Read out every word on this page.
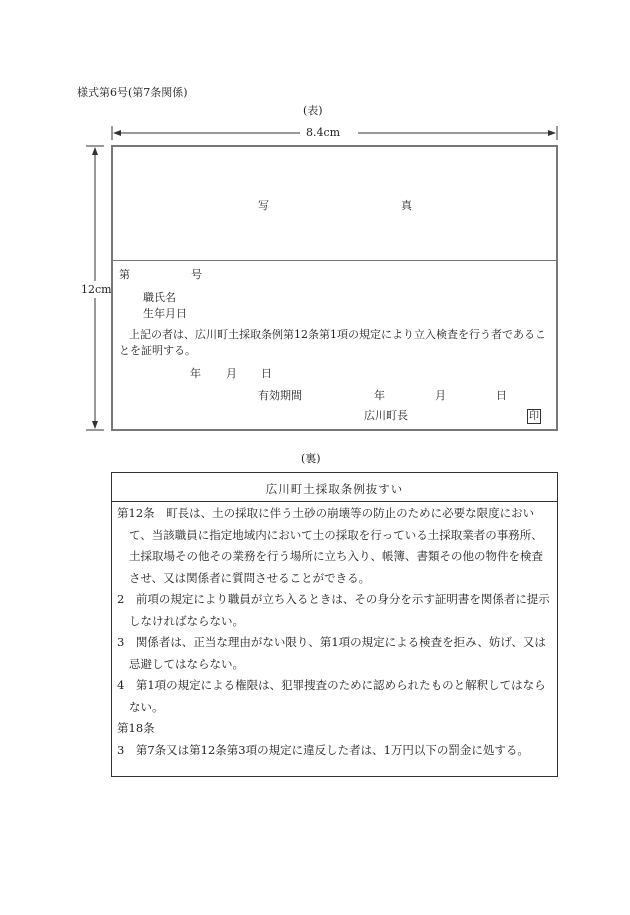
様式第6号(第7条関係)
(表)
8.4cm
12cm
写	真
第	号
職氏名
生年月日
上記の者は、広川町土採取条例第12条第1項の規定により立入検査を行う者であることを証明する。
年 月 日
有効期間	年	月	日
広川町長	印
(裏)
広川町土採取条例抜すい

第12条　町長は、土の採取に伴う土砂の崩壊等の防止のために必要な限度において、当該職員に指定地域内において土の採取を行っている土採取業者の事務所、土採取場その他その業務を行う場所に立ち入り、帳簿、書類その他の物件を検査させ、又は関係者に質問させることができる。

2　前項の規定により職員が立ち入るときは、その身分を示す証明書を関係者に提示しなければならない。

3　関係者は、正当な理由がない限り、第1項の規定による検査を拒み、妨げ、又は忌避してはならない。

4　第1項の規定による権限は、犯罪捜査のために認められたものと解釈してはならない。

第18条

3　第7条又は第12条第3項の規定に違反した者は、1万円以下の罰金に処する。
